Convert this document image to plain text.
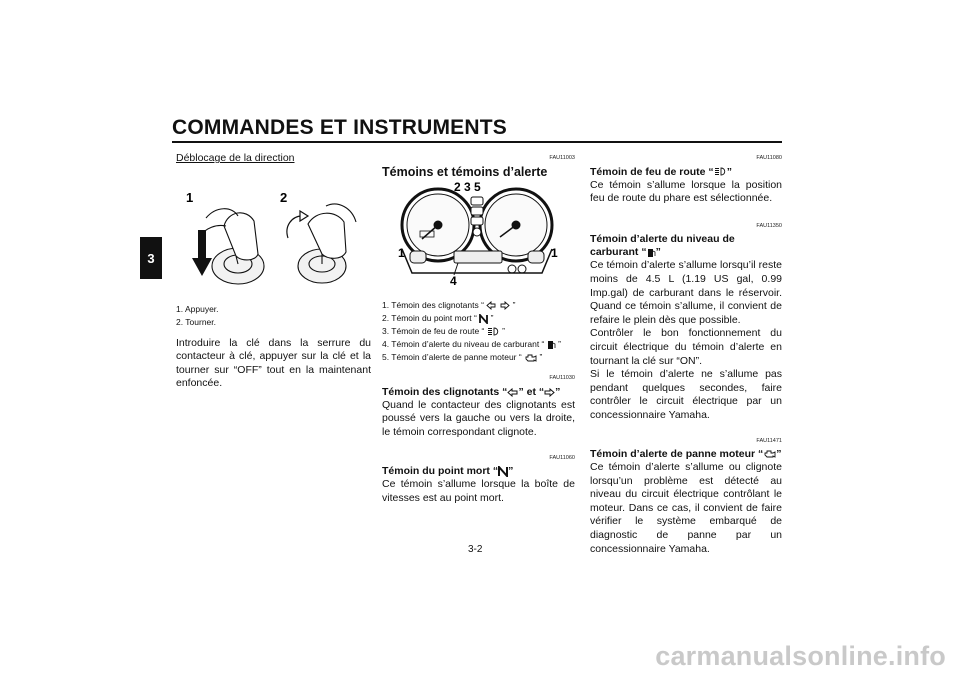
COMMANDES ET INSTRUMENTS
3

Déblocage de la direction

1	2
1. Appuyer.
2. Tourner.

Introduire la clé dans la serrure du contacteur à clé, appuyer sur la clé et la tourner sur “OFF” tout en la maintenant enfoncée.

FAU11003

Témoins et témoins d’alerte

2 3 5
1	1
4
1. Témoin des clignotants “	”
2. Témoin du point mort “ ”
3. Témoin de feu de route “ ”
4. Témoin d’alerte du niveau de carburant “ ”
5. Témoin d’alerte de panne moteur “ ”

FAU11030

Témoin des clignotants “ ” et “ ”

Quand le contacteur des clignotants est poussé vers la gauche ou vers la droite, le témoin correspondant clignote.

FAU11060

Témoin du point mort “ ”

Ce témoin s’allume lorsque la boîte de vitesses est au point mort.

FAU11080

Témoin de feu de route “ ”

Ce témoin s’allume lorsque la position feu de route du phare est sélectionnée.

FAU11350

Témoin d’alerte du niveau de

carburant “ ”

Ce témoin d’alerte s’allume lorsqu’il reste moins de 4.5 L (1.19 US gal, 0.99 Imp.gal) de carburant dans le réservoir. Quand ce témoin s’allume, il convient de refaire le plein dès que possible.

Contrôler le bon fonctionnement du circuit électrique du témoin d’alerte en tournant la clé sur “ON”.

Si le témoin d’alerte ne s’allume pas pendant quelques secondes, faire contrôler le circuit électrique par un concessionnaire Yamaha.

FAU11471

Témoin d’alerte de panne moteur “ ”

Ce témoin d’alerte s’allume ou clignote lorsqu’un problème est détecté au niveau du circuit électrique contrôlant le moteur. Dans ce cas, il convient de faire vérifier le système embarqué de diagnostic de panne par un concessionnaire Yamaha.

3-2
carmanualsonline.info
